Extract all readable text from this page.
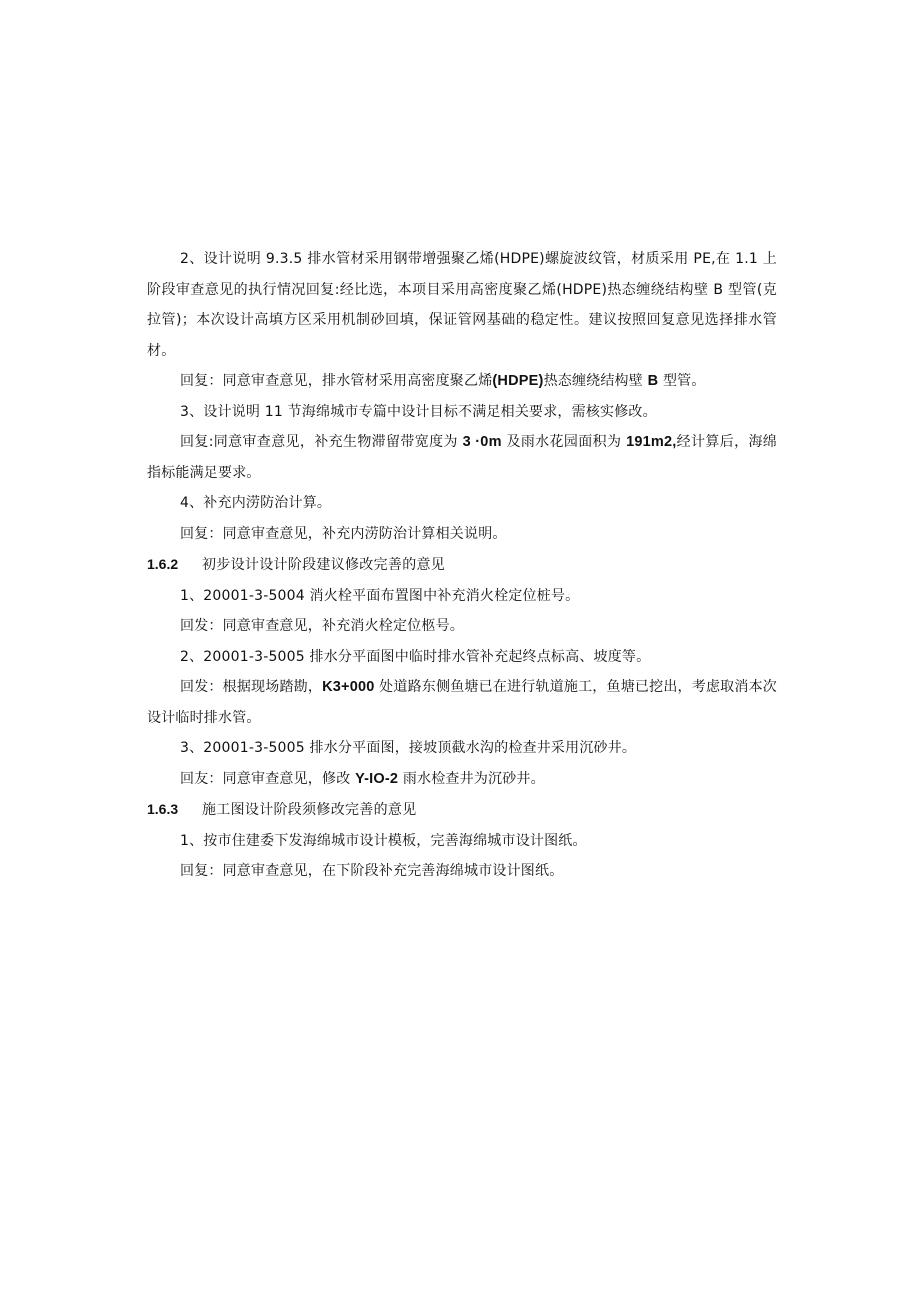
2、设计说明 9.3.5 排水管材采用钢带增强聚乙烯(HDPE)螺旋波纹管，材质采用 PE,在 1.1 上阶段审查意见的执行情况回复:经比选，本项目采用高密度聚乙烯(HDPE)热态缠绕结构壁 B 型管(克拉管)；本次设计高填方区采用机制砂回填，保证管网基础的稳定性。建议按照回复意见选择排水管材。

回复：同意审查意见，排水管材采用高密度聚乙烯(HDPE)热态缠绕结构壁 B 型管。

3、设计说明 11 节海绵城市专篇中设计目标不满足相关要求，需核实修改。

回复:同意审查意见，补充生物滞留带宽度为 3 ·0m 及雨水花园面积为 191m2,经计算后，海绵指标能满足要求。

4、补充内涝防治计算。

回复：同意审查意见，补充内涝防治计算相关说明。

1.6.2	初步设计设计阶段建议修改完善的意见

1、20001-3-5004 消火栓平面布置图中补充消火栓定位桩号。

回发：同意审查意见，补充消火栓定位柩号。

2、20001-3-5005 排水分平面图中临时排水管补充起终点标高、坡度等。

回发：根据现场踏勘，K3+000 处道路东侧鱼塘已在进行轨道施工，鱼塘已挖出，考虑取消本次设计临时排水管。

3、20001-3-5005 排水分平面图，接坡顶截水沟的检查井采用沉砂井。

回友：同意审查意见，修改 Y-IO-2 雨水检查井为沉砂井。

1.6.3	施工图设计阶段须修改完善的意见

1、按市住建委下发海绵城市设计模板，完善海绵城市设计图纸。

回复：同意审查意见，在下阶段补充完善海绵城市设计图纸。
